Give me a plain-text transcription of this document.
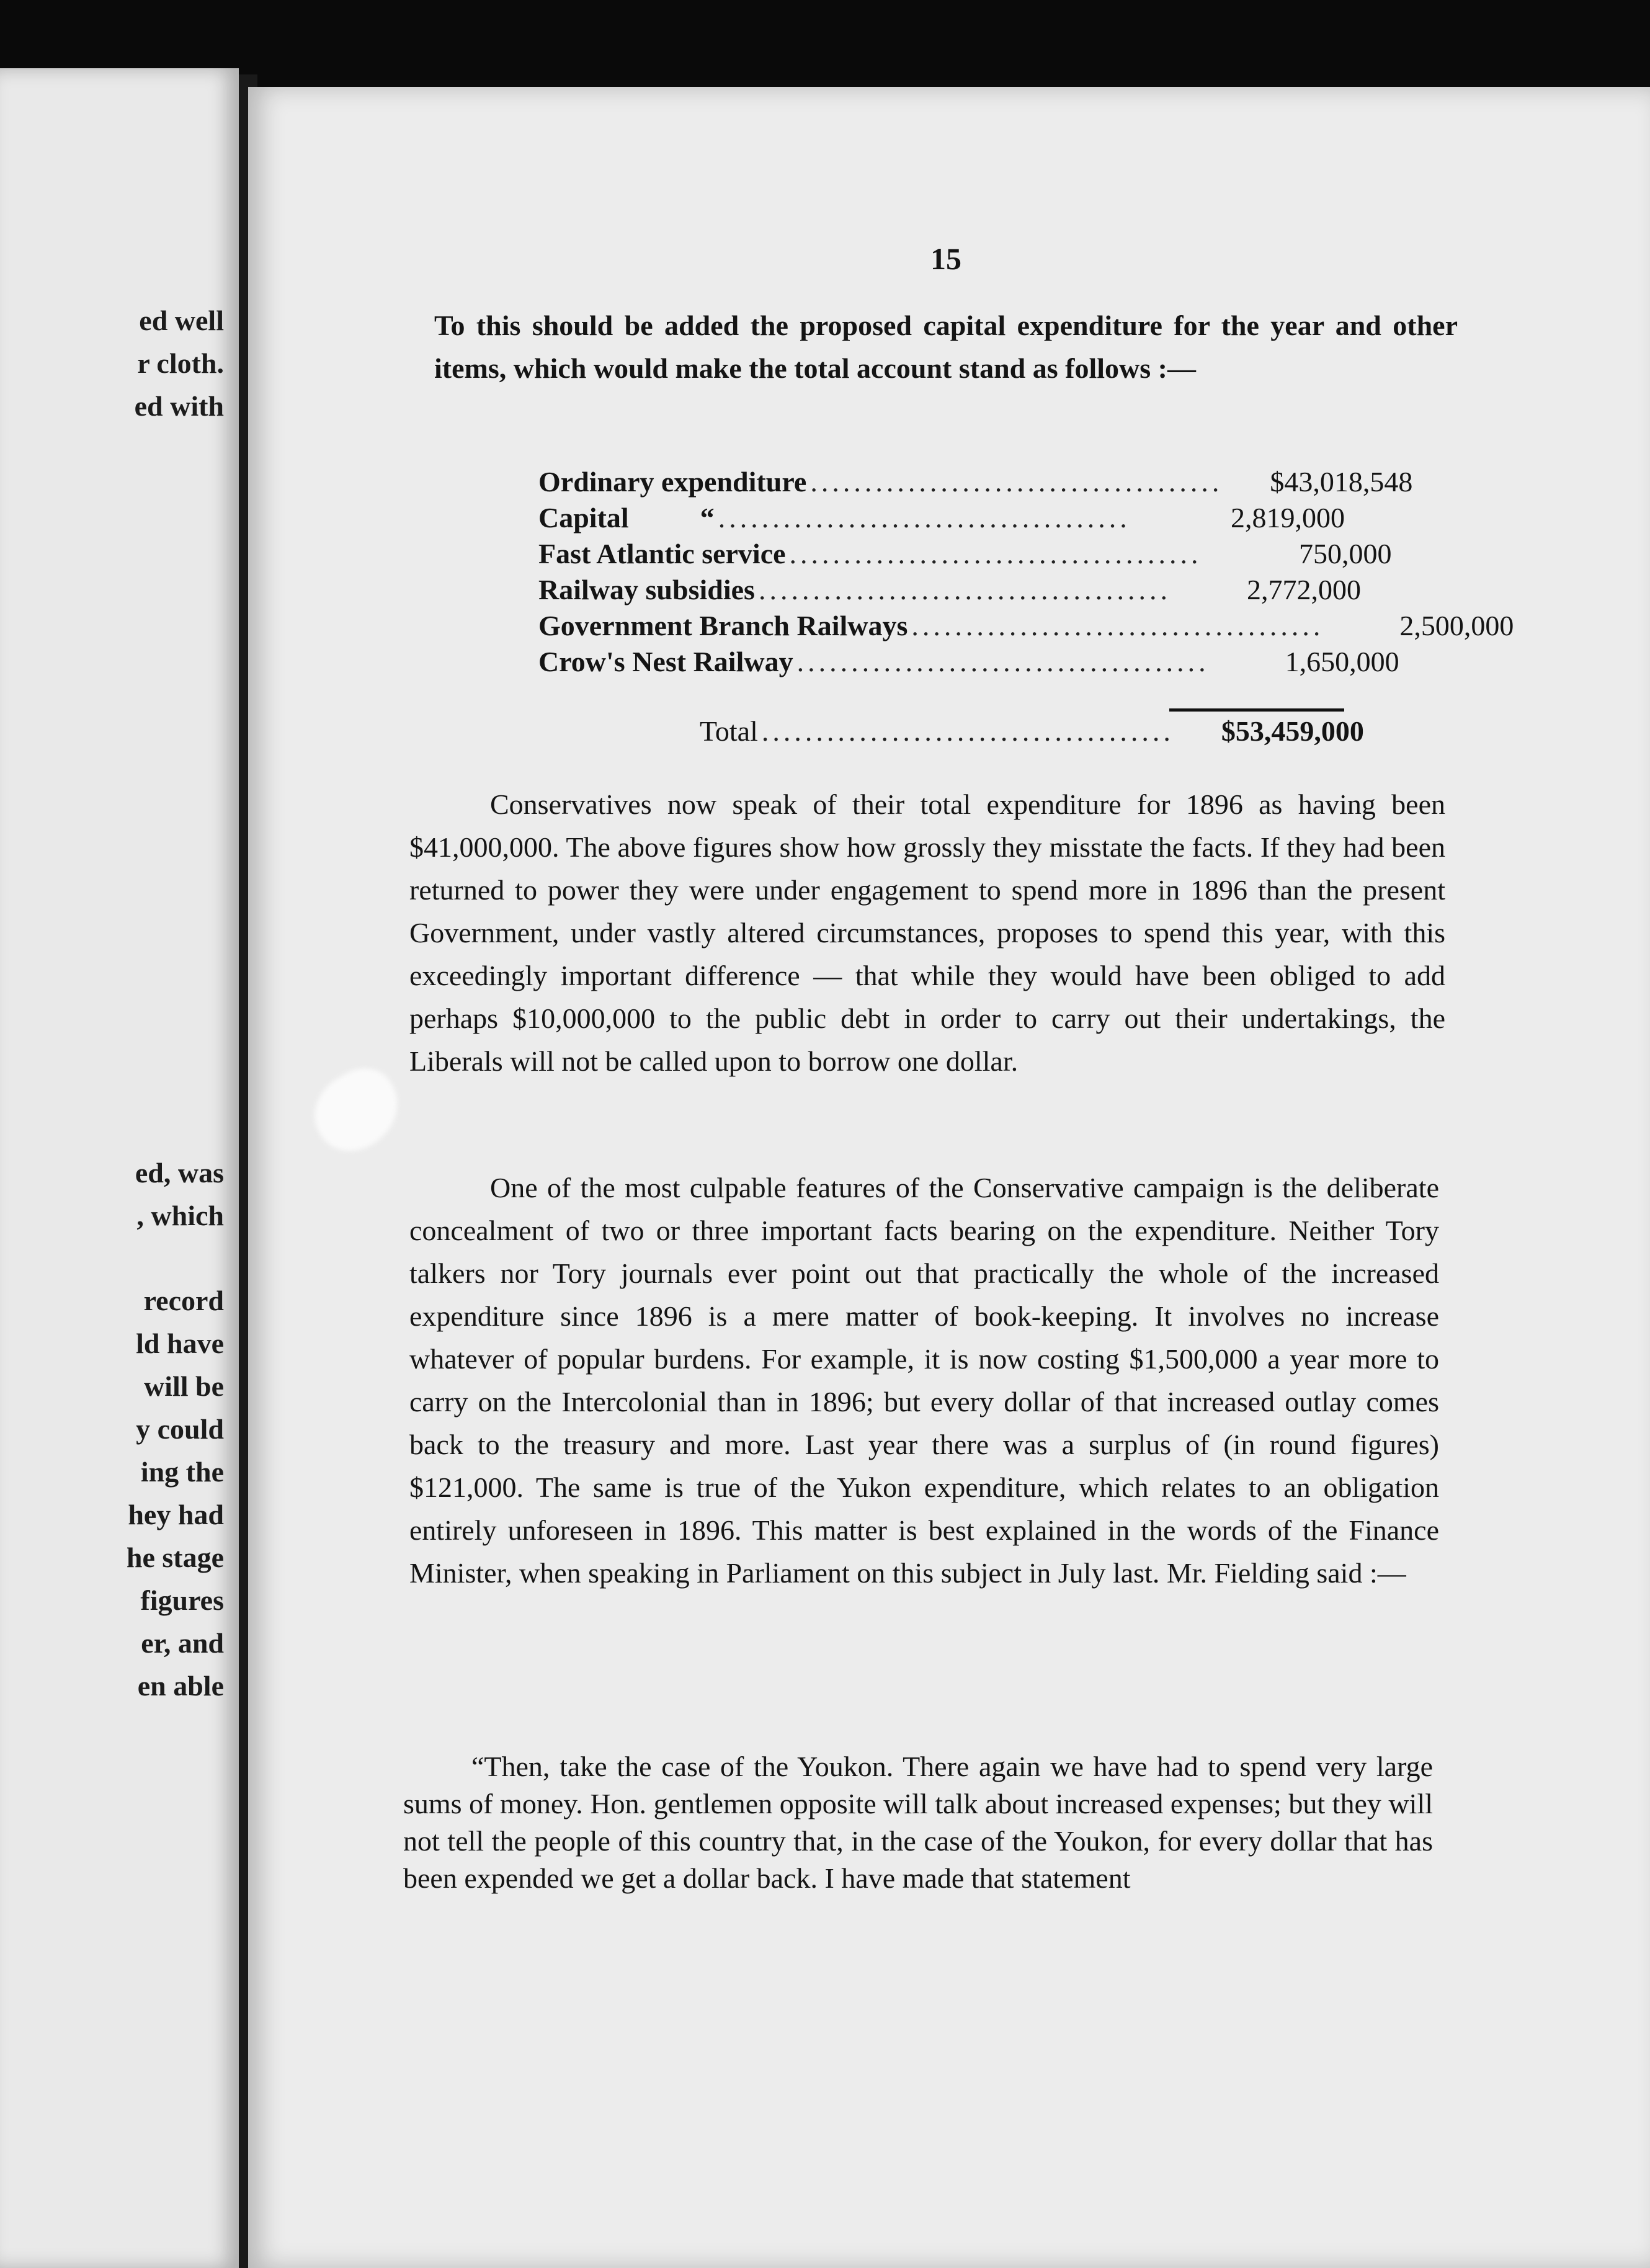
ed well
r cloth.
ed with
ed, was
, which
record
ld have
will be
y could
ing the
hey had
he stage
figures
er, and
en able
15

To this should be added the proposed capital expenditure for the year and other items, which would make the total account stand as follows :—

Ordinary expenditure ......................................	$43,018,548
Capital          “ ......................................	2,819,000
Fast Atlantic service ......................................	750,000
Railway subsidies ......................................	2,772,000
Government Branch Railways ......................................	2,500,000
Crow's Nest Railway ......................................	1,650,000
Total ......................................	$53,459,000

Conservatives now speak of their total expenditure for 1896 as having been $41,000,000. The above figures show how grossly they misstate the facts. If they had been returned to power they were under engagement to spend more in 1896 than the present Government, under vastly altered circumstances, proposes to spend this year, with this exceedingly important difference — that while they would have been obliged to add perhaps $10,000,000 to the public debt in order to carry out their undertakings, the Liberals will not be called upon to borrow one dollar.

One of the most culpable features of the Conservative campaign is the deliberate concealment of two or three important facts bearing on the expenditure. Neither Tory talkers nor Tory journals ever point out that practically the whole of the increased expenditure since 1896 is a mere matter of book-keeping. It involves no increase whatever of popular burdens. For example, it is now costing $1,500,000 a year more to carry on the Intercolonial than in 1896; but every dollar of that increased outlay comes back to the treasury and more. Last year there was a surplus of (in round figures) $121,000. The same is true of the Yukon expenditure, which relates to an obligation entirely unforeseen in 1896. This matter is best explained in the words of the Finance Minister, when speaking in Parliament on this subject in July last. Mr. Fielding said :—

“Then, take the case of the Youkon. There again we have had to spend very large sums of money. Hon. gentlemen opposite will talk about increased expenses; but they will not tell the people of this country that, in the case of the Youkon, for every dollar that has been expended we get a dollar back. I have made that statement
